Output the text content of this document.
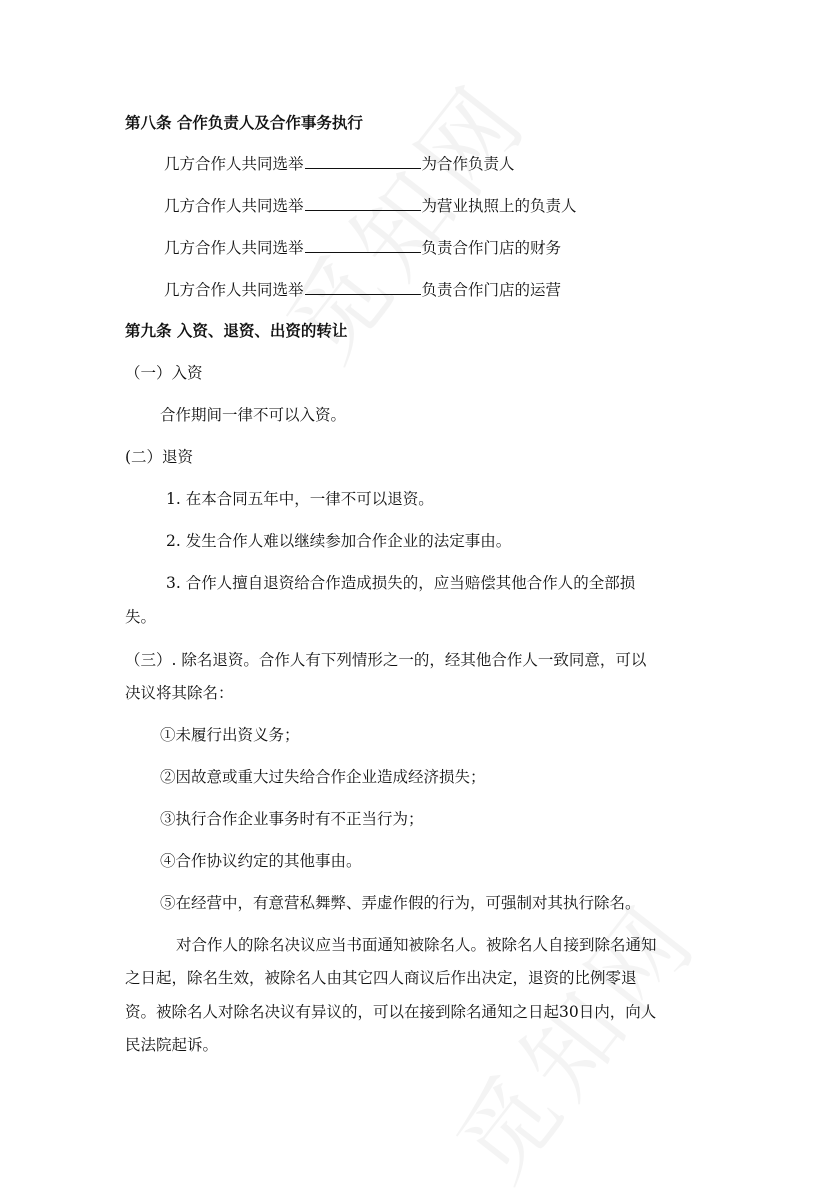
第八条 合作负责人及合作事务执行
几方合作人共同选举	为合作负责人
几方合作人共同选举	为营业执照上的负责人
几方合作人共同选举	负责合作门店的财务
几方合作人共同选举	负责合作门店的运营
第九条 入资、退资、出资的转让
（一）入资
合作期间一律不可以入资。
(二）退资
1. 在本合同五年中，一律不可以退资。
2. 发生合作人难以继续参加合作企业的法定事由。
3. 合作人擅自退资给合作造成损失的，应当赔偿其他合作人的全部损
失。
（三）. 除名退资。合作人有下列情形之一的，经其他合作人一致同意，可以
决议将其除名：
①未履行出资义务；
②因故意或重大过失给合作企业造成经济损失；
③执行合作企业事务时有不正当行为；
④合作协议约定的其他事由。
⑤在经营中，有意营私舞弊、弄虚作假的行为，可强制对其执行除名。
对合作人的除名决议应当书面通知被除名人。被除名人自接到除名通知
之日起，除名生效，被除名人由其它四人商议后作出决定，退资的比例零退
资。被除名人对除名决议有异议的，可以在接到除名通知之日起30日内，向人
民法院起诉。
